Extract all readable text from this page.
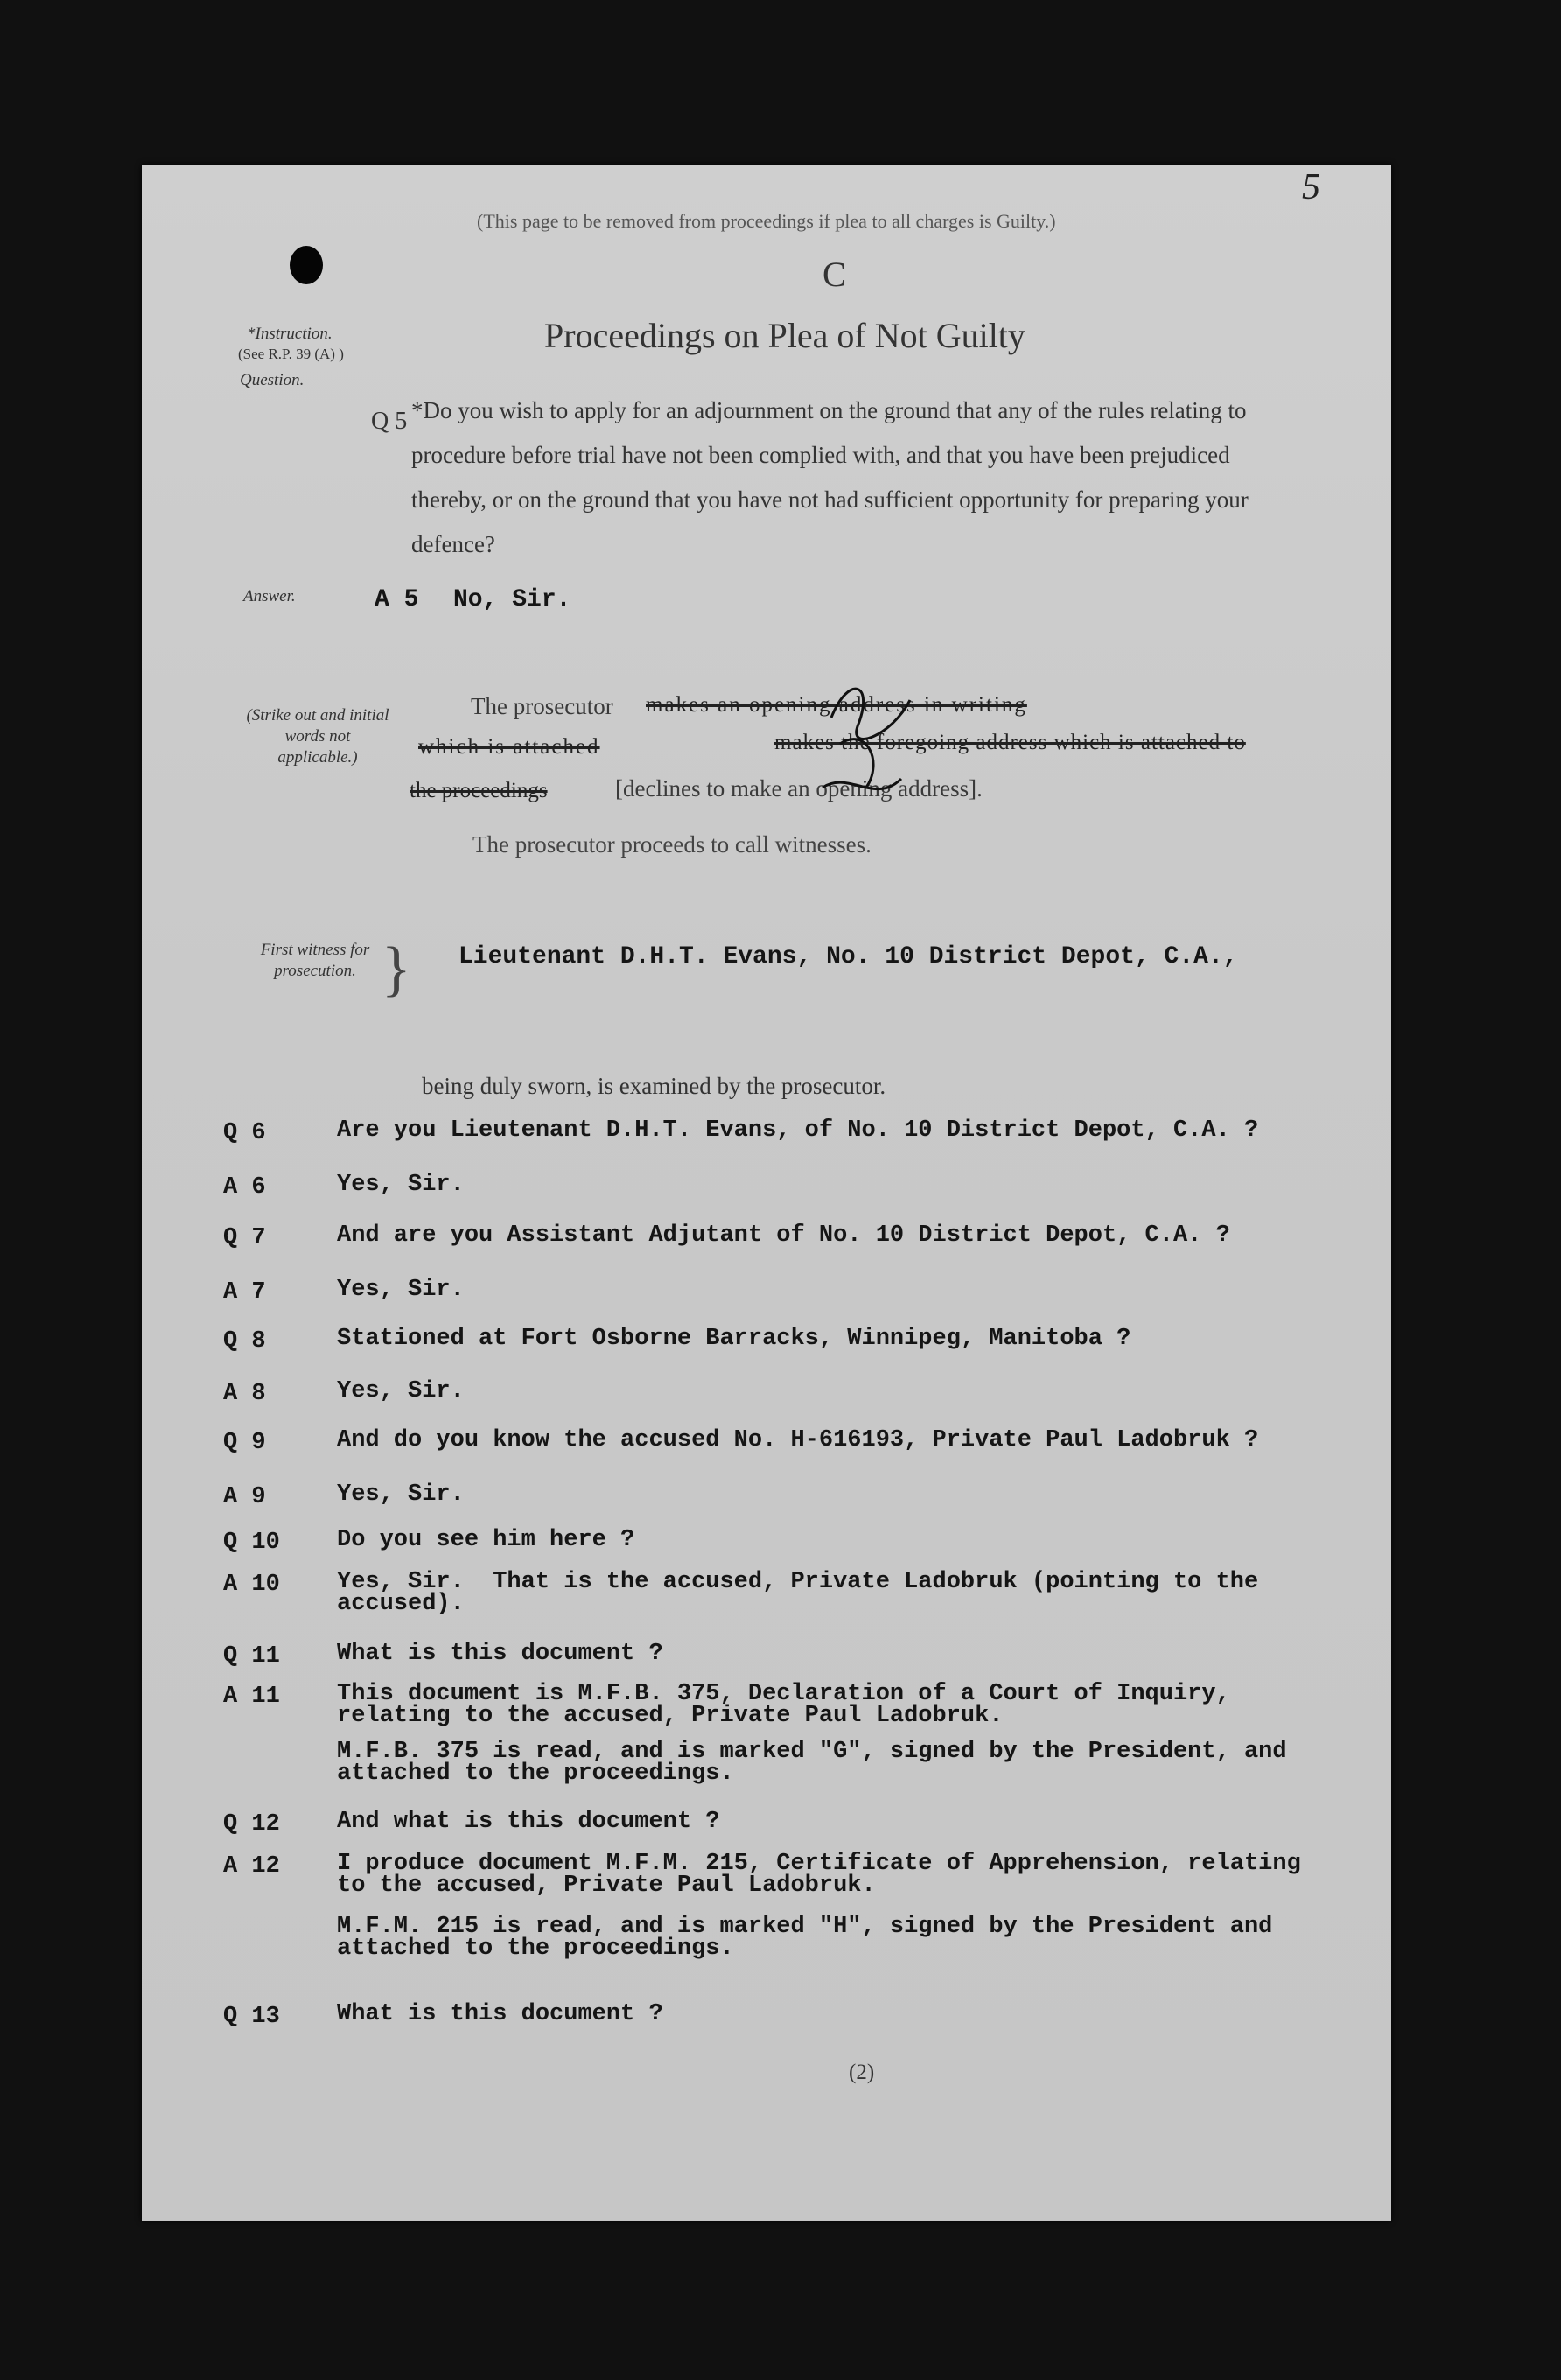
5
(This page to be removed from proceedings if plea to all charges is Guilty.)
C
Proceedings on Plea of Not Guilty
*Instruction.
(See R.P. 39 (A) )
Question.
Q 5 *Do you wish to apply for an adjournment on the ground that any of the rules relating to procedure before trial have not been complied with, and that you have been prejudiced thereby, or on the ground that you have not had sufficient opportunity for preparing your defence?
Answer.	A 5 No, Sir.
(Strike out and initial words not applicable.)
The prosecutor makes an opening address in writing
which is attached	makes the foregoing address which is attached to
the proceedings	[declines to make an opening address].
The prosecutor proceeds to call witnesses.
First witness for prosecution. } Lieutenant D.H.T. Evans, No. 10 District Depot, C.A.,
being duly sworn, is examined by the prosecutor.
Q 6	Are you Lieutenant D.H.T. Evans, of No. 10 District Depot, C.A. ?
A 6	Yes, Sir.
Q 7	And are you Assistant Adjutant of No. 10 District Depot, C.A. ?
A 7	Yes, Sir.
Q 8	Stationed at Fort Osborne Barracks, Winnipeg, Manitoba ?
A 8	Yes, Sir.
Q 9	And do you know the accused No. H-616193, Private Paul Ladobruk ?
A 9	Yes, Sir.
Q 10	Do you see him here ?
A 10	Yes, Sir.  That is the accused, Private Ladobruk (pointing to the accused).
Q 11	What is this document ?
A 11	This document is M.F.B. 375, Declaration of a Court of Inquiry, relating to the accused, Private Paul Ladobruk.
M.F.B. 375 is read, and is marked "G", signed by the President, and attached to the proceedings.
Q 12	And what is this document ?
A 12	I produce document M.F.M. 215, Certificate of Apprehension, relating to the accused, Private Paul Ladobruk.
M.F.M. 215 is read, and is marked "H", signed by the President and attached to the proceedings.
Q 13	What is this document ?
(2)
